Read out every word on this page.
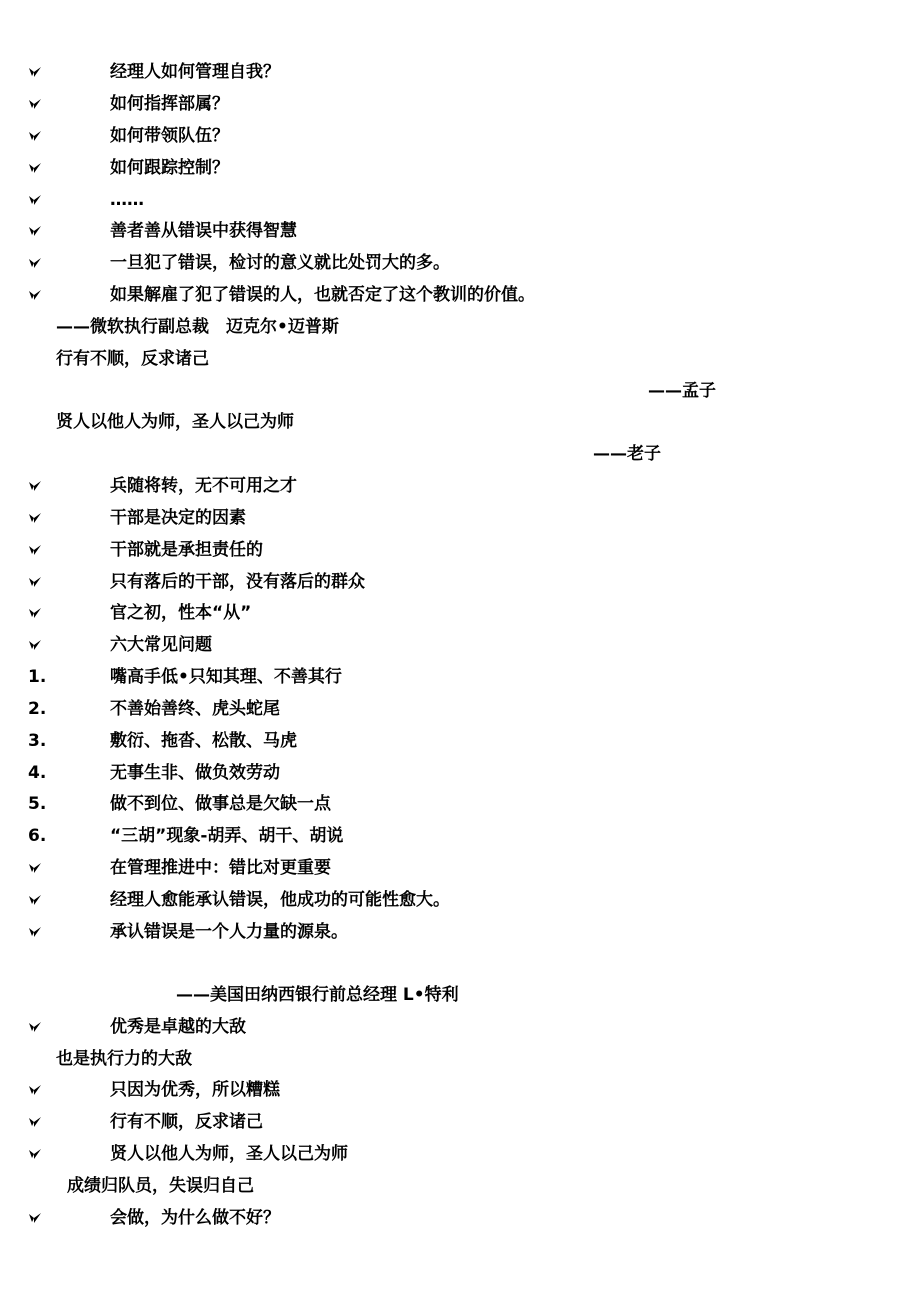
经理人如何管理自我？
如何指挥部属？
如何带领队伍？
如何跟踪控制？
……
善者善从错误中获得智慧
一旦犯了错误，检讨的意义就比处罚大的多。
如果解雇了犯了错误的人，也就否定了这个教训的价值。
——微软执行副总裁　迈克尔•迈普斯
行有不顺，反求诸己
——孟子
贤人以他人为师，圣人以己为师
——老子
兵随将转，无不可用之才
干部是决定的因素
干部就是承担责任的
只有落后的干部，没有落后的群众
官之初，性本“从”
六大常见问题
1.	嘴高手低•只知其理、不善其行
2.	不善始善终、虎头蛇尾
3.	敷衍、拖沓、松散、马虎
4.	无事生非、做负效劳动
5.	做不到位、做事总是欠缺一点
6.	“三胡”现象-胡弄、胡干、胡说
在管理推进中：错比对更重要
经理人愈能承认错误，他成功的可能性愈大。
承认错误是一个人力量的源泉。
——美国田纳西银行前总经理 L•特利
优秀是卓越的大敌
也是执行力的大敌
只因为优秀，所以糟糕
行有不顺，反求诸己
贤人以他人为师，圣人以己为师
成绩归队员，失误归自己
会做，为什么做不好？
